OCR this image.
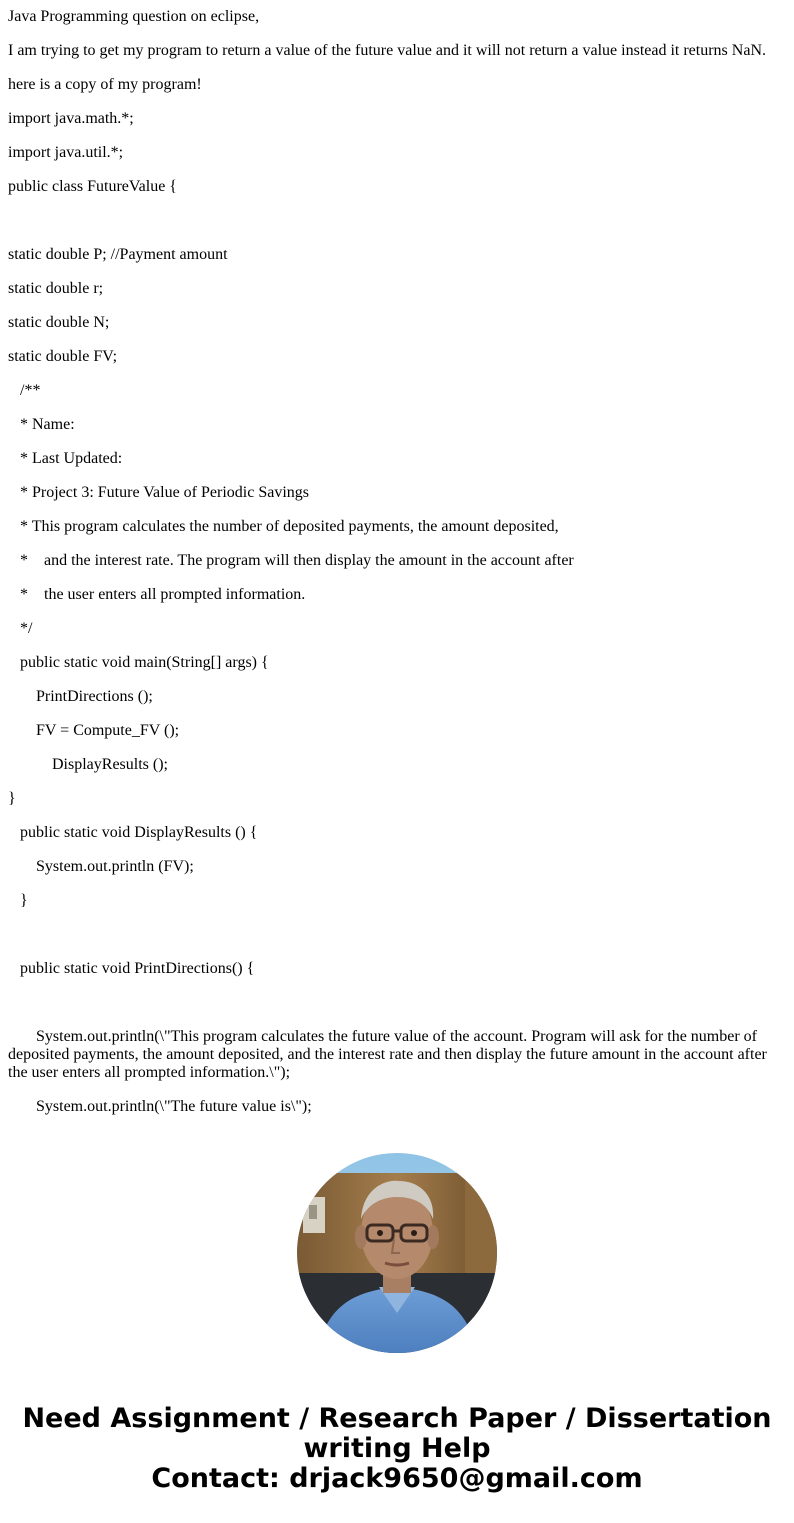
Java Programming question on eclipse,

I am trying to get my program to return a value of the future value and it will not return a value instead it returns NaN.

here is a copy of my program!

import java.math.*;

import java.util.*;

public class FutureValue {

static double P; //Payment amount

static double r;

static double N;

static double FV;

/**

* Name:

* Last Updated:

* Project 3: Future Value of Periodic Savings

* This program calculates the number of deposited payments, the amount deposited,

*    and the interest rate. The program will then display the amount in the account after

*    the user enters all prompted information.

*/

public static void main(String[] args) {

PrintDirections ();

FV = Compute_FV ();

DisplayResults ();

}

public static void DisplayResults () {

System.out.println (FV);

}

public static void PrintDirections() {

System.out.println(\"This program calculates the future value of the account. Program will ask for the number of deposited payments, the amount deposited, and the interest rate and then display the future amount in the account after the user enters all prompted information.\");

System.out.println(\"The future value is\");

Need Assignment / Research Paper / Dissertation
writing Help
Contact: drjack9650@gmail.com
